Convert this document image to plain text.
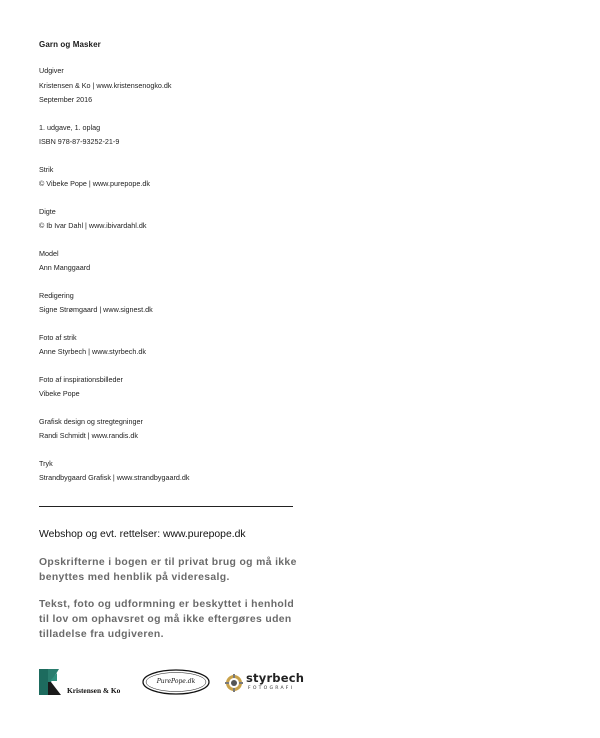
Garn og Masker
Udgiver
Kristensen & Ko | www.kristensenogko.dk
September 2016
1. udgave, 1. oplag
ISBN 978-87-93252-21-9
Strik
© Vibeke Pope | www.purepope.dk
Digte
© Ib Ivar Dahl | www.ibivardahl.dk
Model
Ann Manggaard
Redigering
Signe Strømgaard | www.signest.dk
Foto af strik
Anne Styrbech | www.styrbech.dk
Foto af inspirationsbilleder
Vibeke Pope
Grafisk design og stregtegninger
Randi Schmidt | www.randis.dk
Tryk
Strandbygaard Grafisk | www.strandbygaard.dk
Webshop og evt. rettelser: www.purepope.dk
Opskrifterne i bogen er til privat brug og må ikke
benyttes med henblik på videresalg.
Tekst, foto og udformning er beskyttet i henhold
til lov om ophavsret og må ikke eftergøres uden
tilladelse fra udgiveren.
Kristensen & Ko
PurePope.dk	styrbech
FOTOGRAFI
